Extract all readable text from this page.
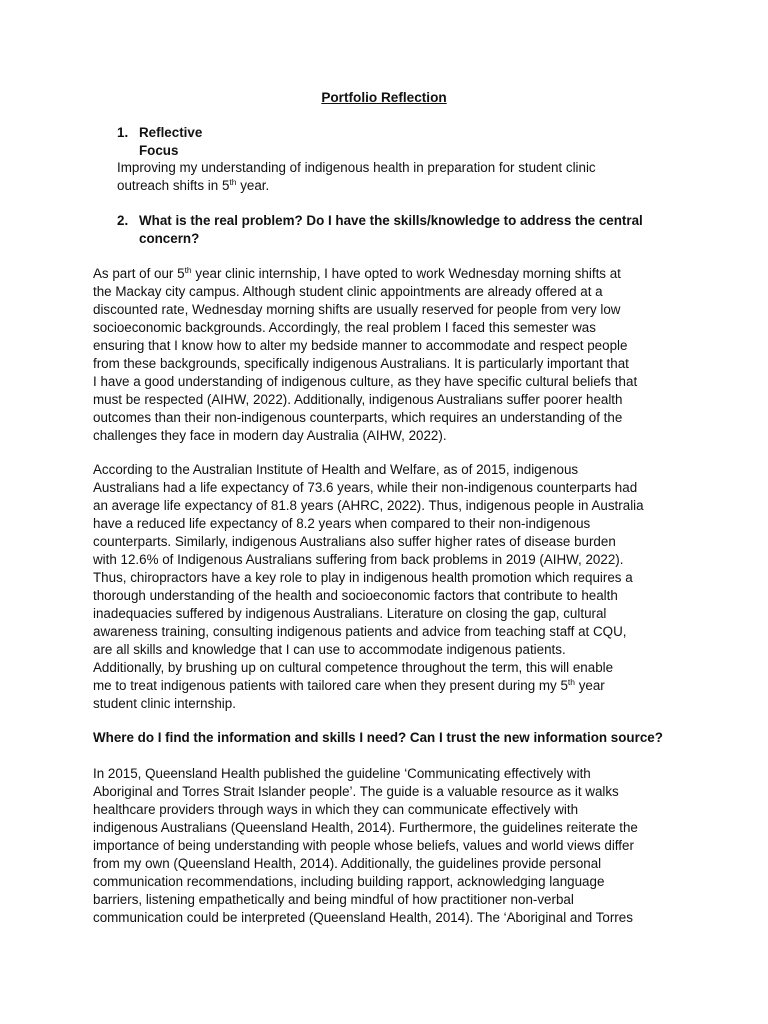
Portfolio Reflection
1. Reflective Focus
Improving my understanding of indigenous health in preparation for student clinic
outreach shifts in 5th year.
2. What is the real problem? Do I have the skills/knowledge to address the central
concern?
As part of our 5th year clinic internship, I have opted to work Wednesday morning shifts at
the Mackay city campus. Although student clinic appointments are already offered at a
discounted rate, Wednesday morning shifts are usually reserved for people from very low
socioeconomic backgrounds. Accordingly, the real problem I faced this semester was
ensuring that I know how to alter my bedside manner to accommodate and respect people
from these backgrounds, specifically indigenous Australians. It is particularly important that
I have a good understanding of indigenous culture, as they have specific cultural beliefs that
must be respected (AIHW, 2022). Additionally, indigenous Australians suffer poorer health
outcomes than their non-indigenous counterparts, which requires an understanding of the
challenges they face in modern day Australia (AIHW, 2022).
According to the Australian Institute of Health and Welfare, as of 2015, indigenous
Australians had a life expectancy of 73.6 years, while their non-indigenous counterparts had
an average life expectancy of 81.8 years (AHRC, 2022). Thus, indigenous people in Australia
have a reduced life expectancy of 8.2 years when compared to their non-indigenous
counterparts. Similarly, indigenous Australians also suffer higher rates of disease burden
with 12.6% of Indigenous Australians suffering from back problems in 2019 (AIHW, 2022).
Thus, chiropractors have a key role to play in indigenous health promotion which requires a
thorough understanding of the health and socioeconomic factors that contribute to health
inadequacies suffered by indigenous Australians. Literature on closing the gap, cultural
awareness training, consulting indigenous patients and advice from teaching staff at CQU,
are all skills and knowledge that I can use to accommodate indigenous patients.
Additionally, by brushing up on cultural competence throughout the term, this will enable
me to treat indigenous patients with tailored care when they present during my 5th year
student clinic internship.
Where do I find the information and skills I need? Can I trust the new information source?
In 2015, Queensland Health published the guideline ‘Communicating effectively with
Aboriginal and Torres Strait Islander people’. The guide is a valuable resource as it walks
healthcare providers through ways in which they can communicate effectively with
indigenous Australians (Queensland Health, 2014). Furthermore, the guidelines reiterate the
importance of being understanding with people whose beliefs, values and world views differ
from my own (Queensland Health, 2014). Additionally, the guidelines provide personal
communication recommendations, including building rapport, acknowledging language
barriers, listening empathetically and being mindful of how practitioner non-verbal
communication could be interpreted (Queensland Health, 2014). The ‘Aboriginal and Torres
